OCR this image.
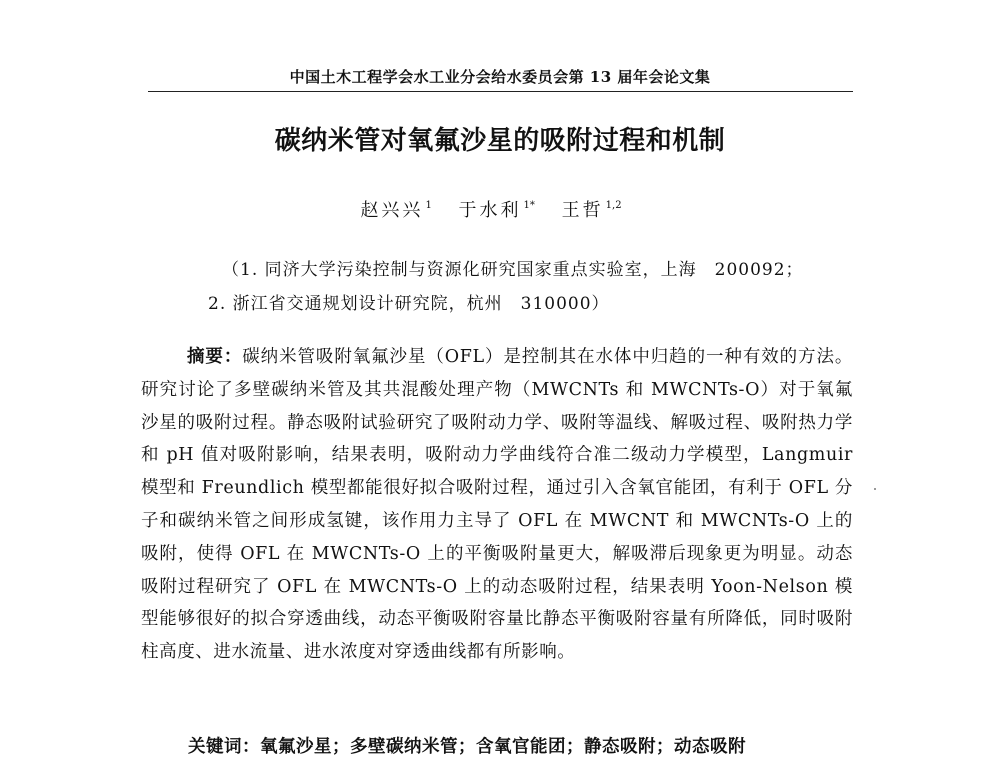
中国土木工程学会水工业分会给水委员会第 13 届年会论文集
碳纳米管对氧氟沙星的吸附过程和机制
赵兴兴 $^1$ 于水利 $^{1*}$ 王哲 $^{1,2}$
（1. 同济大学污染控制与资源化研究国家重点实验室，上海　200092；
2. 浙江省交通规划设计研究院，杭州　310000）
摘要：碳纳米管吸附氧氟沙星（OFL）是控制其在水体中归趋的一种有效的方法。研究讨论了多壁碳纳米管及其共混酸处理产物（MWCNTs 和 MWCNTs-O）对于氧氟沙星的吸附过程。静态吸附试验研究了吸附动力学、吸附等温线、解吸过程、吸附热力学和 pH 值对吸附影响，结果表明，吸附动力学曲线符合准二级动力学模型，Langmuir 模型和 Freundlich 模型都能很好拟合吸附过程，通过引入含氧官能团，有利于 OFL 分子和碳纳米管之间形成氢键，该作用力主导了 OFL 在 MWCNT 和 MWCNTs-O 上的吸附，使得 OFL 在 MWCNTs-O 上的平衡吸附量更大，解吸滞后现象更为明显。动态吸附过程研究了 OFL 在 MWCNTs-O 上的动态吸附过程，结果表明 Yoon-Nelson 模型能够很好的拟合穿透曲线，动态平衡吸附容量比静态平衡吸附容量有所降低，同时吸附柱高度、进水流量、进水浓度对穿透曲线都有所影响。
关键词：氧氟沙星；多壁碳纳米管；含氧官能团；静态吸附；动态吸附
